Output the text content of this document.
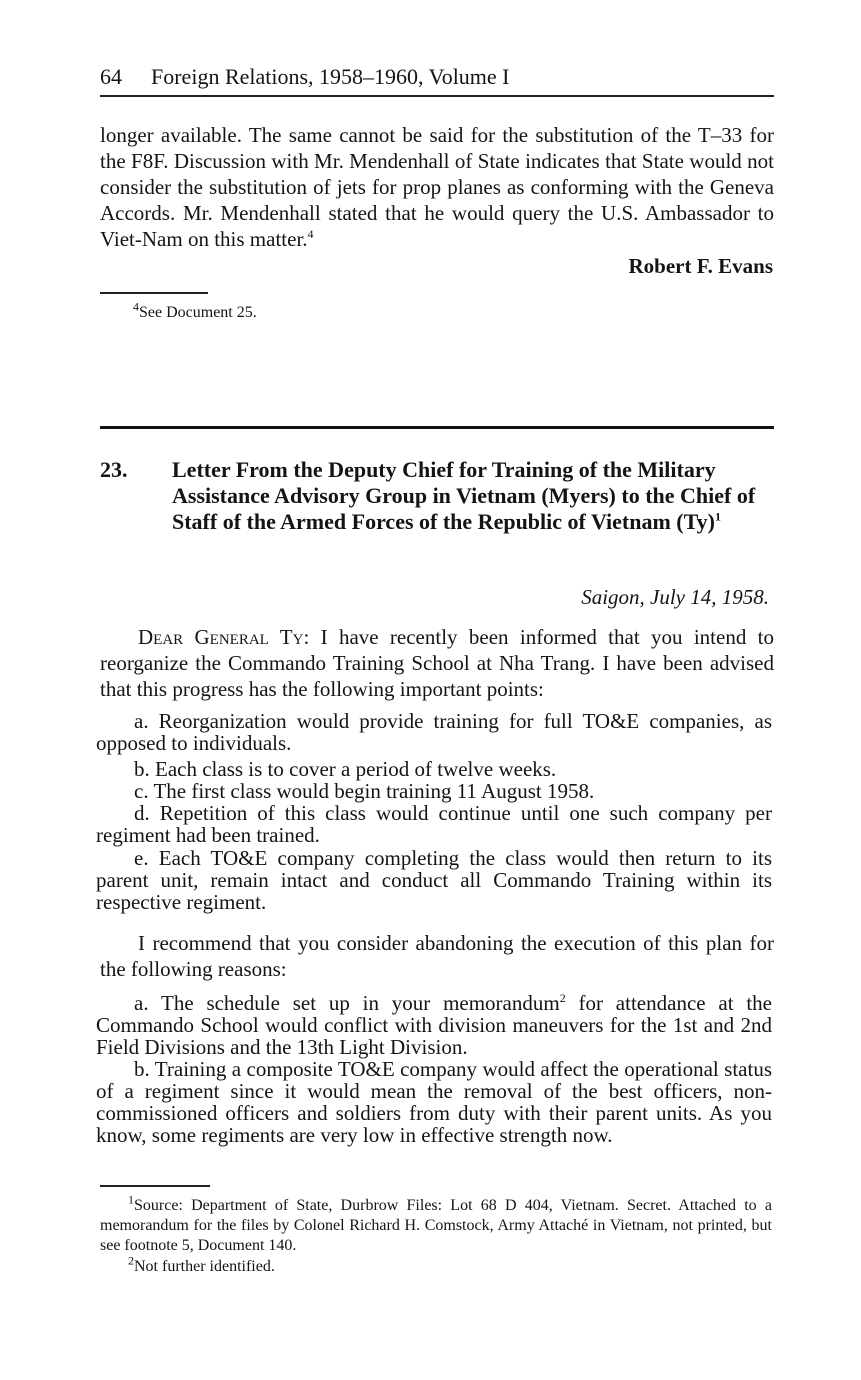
64 Foreign Relations, 1958–1960, Volume I
longer available. The same cannot be said for the substitution of the T–33 for the F8F. Discussion with Mr. Mendenhall of State indicates that State would not consider the substitution of jets for prop planes as conforming with the Geneva Accords. Mr. Mendenhall stated that he would query the U.S. Ambassador to Viet-Nam on this matter.$^4$
Robert F. Evans
$^4$See Document 25.
23. Letter From the Deputy Chief for Training of the Military Assistance Advisory Group in Vietnam (Myers) to the Chief of Staff of the Armed Forces of the Republic of Vietnam $(Ty)^1$
Saigon, July 14, 1958.
Dear General Ty: I have recently been informed that you intend to reorganize the Commando Training School at Nha Trang. I have been advised that this progress has the following important points:
a. Reorganization would provide training for full TO&E companies, as opposed to individuals.
b. Each class is to cover a period of twelve weeks.
c. The first class would begin training 11 August 1958.
d. Repetition of this class would continue until one such company per regiment had been trained.
e. Each TO&E company completing the class would then return to its parent unit, remain intact and conduct all Commando Training within its respective regiment.
I recommend that you consider abandoning the execution of this plan for the following reasons:
a. The schedule set up in your memorandum$^2$ for attendance at the Commando School would conflict with division maneuvers for the 1st and 2nd Field Divisions and the 13th Light Division.
b. Training a composite TO&E company would affect the operational status of a regiment since it would mean the removal of the best officers, non-commissioned officers and soldiers from duty with their parent units. As you know, some regiments are very low in effective strength now.
$^1$Source: Department of State, Durbrow Files: Lot 68 D 404, Vietnam. Secret. Attached to a memorandum for the files by Colonel Richard H. Comstock, Army Attaché in Vietnam, not printed, but see footnote 5, Document 140.
$^2$Not further identified.
